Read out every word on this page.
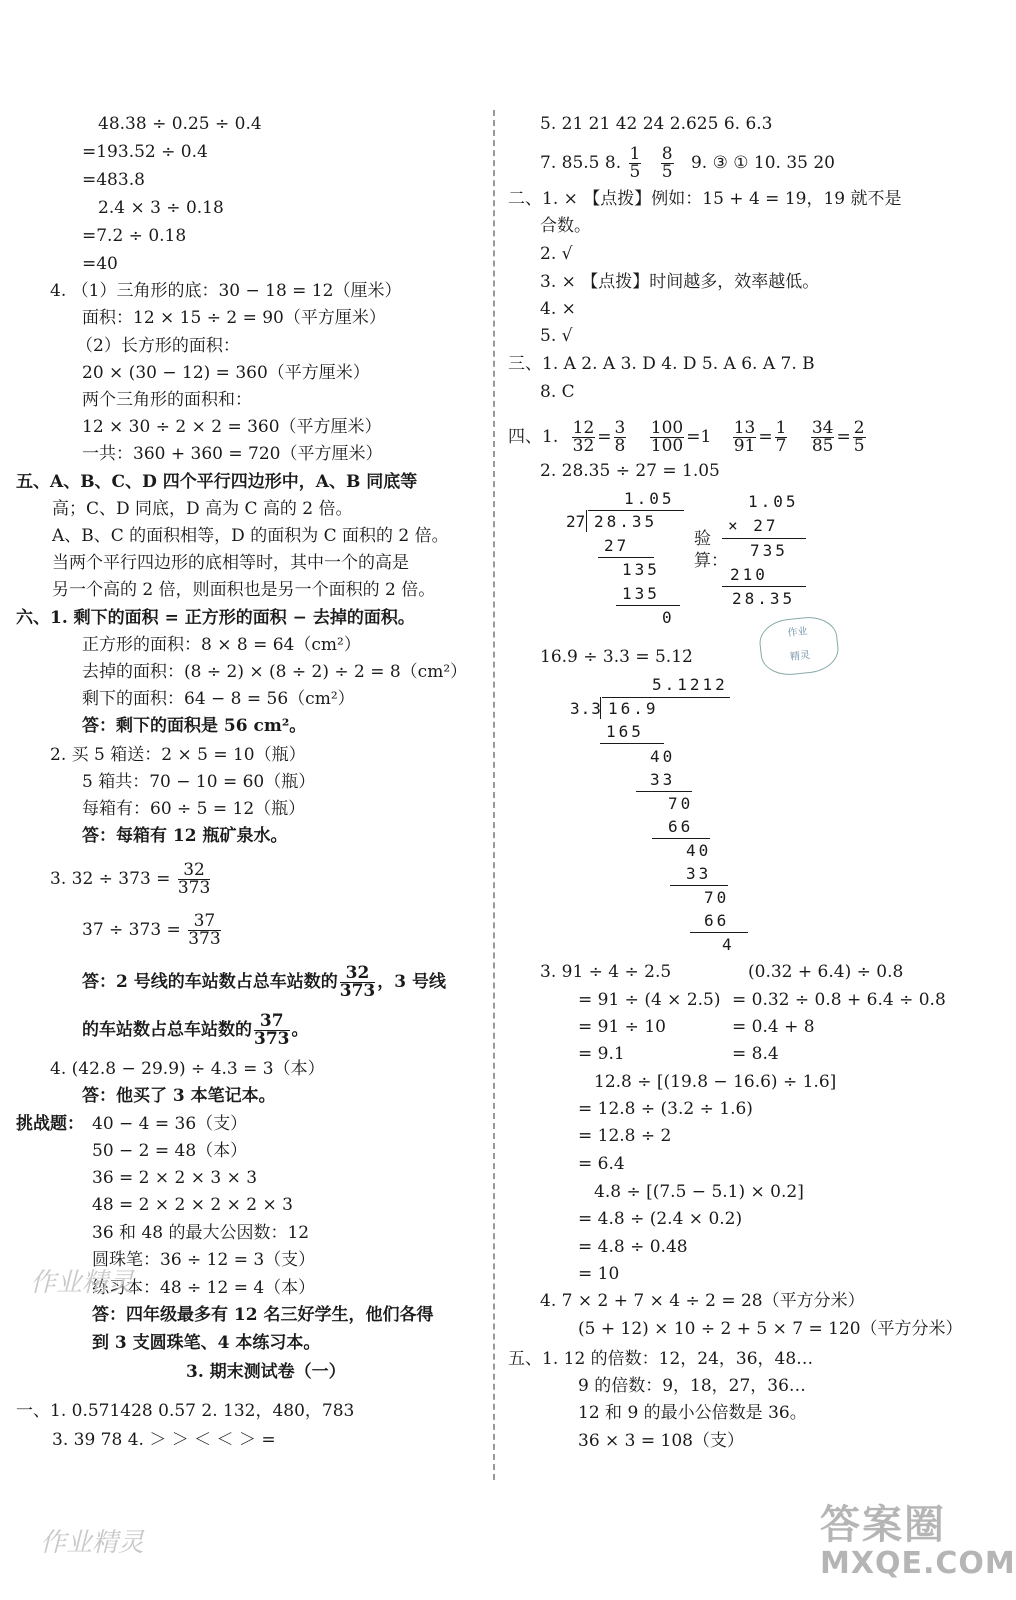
48.38 ÷ 0.25 ÷ 0.4
=193.52 ÷ 0.4
=483.8
2.4 × 3 ÷ 0.18
=7.2 ÷ 0.18
=40
4. （1）三角形的底：30 − 18 = 12（厘米）
面积：12 × 15 ÷ 2 = 90（平方厘米）
（2）长方形的面积：
20 × (30 − 12) = 360（平方厘米）
两个三角形的面积和：
12 × 30 ÷ 2 × 2 = 360（平方厘米）
一共：360 + 360 = 720（平方厘米）
五、A、B、C、D 四个平行四边形中，A、B 同底等
高；C、D 同底，D 高为 C 高的 2 倍。
A、B、C 的面积相等，D 的面积为 C 面积的 2 倍。
当两个平行四边形的底相等时，其中一个的高是
另一个高的 2 倍，则面积也是另一个面积的 2 倍。
六、1. 剩下的面积 = 正方形的面积 − 去掉的面积。
正方形的面积：8 × 8 = 64（cm²）
去掉的面积：(8 ÷ 2) × (8 ÷ 2) ÷ 2 = 8（cm²）
剩下的面积：64 − 8 = 56（cm²）
答：剩下的面积是 56 cm²。
2. 买 5 箱送：2 × 5 = 10（瓶）
5 箱共：70 − 10 = 60（瓶）
每箱有：60 ÷ 5 = 12（瓶）
答：每箱有 12 瓶矿泉水。
3. $32 \div 373 = \frac{32}{373}$
$37 \div 373 = \frac{37}{373}$
答：2 号线的车站数占总车站数的 $\frac{32}{373}$ ，3 号线
的车站数占总车站数的 $\frac{37}{373}$ 。
4. (42.8 − 29.9) ÷ 4.3 = 3（本）
答：他买了 3 本笔记本。
挑战题： 40 − 4 = 36（支）
50 − 2 = 48（本）
36 = 2 × 2 × 3 × 3
48 = 2 × 2 × 2 × 2 × 3
36 和 48 的最大公因数：12
圆珠笔：36 ÷ 12 = 3（支）
练习本：48 ÷ 12 = 4（本）
答：四年级最多有 12 名三好学生，他们各得
到 3 支圆珠笔、4 本练习本。
3. 期末测试卷（一）
一、1. 0.571428 0.57 2. 132，480，783
3. 39 78 4. ＞ ＞ ＜ ＜ ＞ =
5. 21 21 42 24 2.625 6. 6.3
7. 85.5 8. $\frac{1}{5}$
$\frac{8}{5} 9$. ③ ① 10. 35 20
二、1. × 【点拨】例如：15 + 4 = 19，19 就不是
合数。
2. √
3. × 【点拨】时间越多，效率越低。
4. ×
5. √
三、1. A 2. A 3. D 4. D 5. A 6. A 7. B
8. C
四、1. $\frac{12}{32} = \frac{3}{8}$
$\frac{100}{100} =1 \frac{13}{91} = \frac{1}{7}$
$\frac{34}{85} = \frac{2}{5}$
2. 28.35 ÷ 27 = 1.05
1.05
27 28.35
27
135
135
0
验算：
1.05
× 27
735
210
28.35
作业
精灵
16.9 ÷ 3.3 = 5.12̇
5.1212
3.3 16.9
165
40
33
70
66
40
33
70
66
4
3. 91 ÷ 4 ÷ 2.5	(0.32 + 6.4) ÷ 0.8
= 91 ÷ (4 × 2.5) = 0.32 ÷ 0.8 + 6.4 ÷ 0.8
= 91 ÷ 10	= 0.4 + 8
= 9.1	= 8.4
12.8 ÷ [(19.8 − 16.6) ÷ 1.6]
= 12.8 ÷ (3.2 ÷ 1.6)
= 12.8 ÷ 2
= 6.4
4.8 ÷ [(7.5 − 5.1) × 0.2]
= 4.8 ÷ (2.4 × 0.2)
= 4.8 ÷ 0.48
= 10
4. 7 × 2 + 7 × 4 ÷ 2 = 28（平方分米）
(5 + 12) × 10 ÷ 2 + 5 × 7 = 120（平方分米）
五、1. 12 的倍数：12，24，36，48…
9 的倍数：9，18，27，36…
12 和 9 的最小公倍数是 36。
36 × 3 = 108（支）
作业精灵
作业精灵	答案圈
MXQE.COM
